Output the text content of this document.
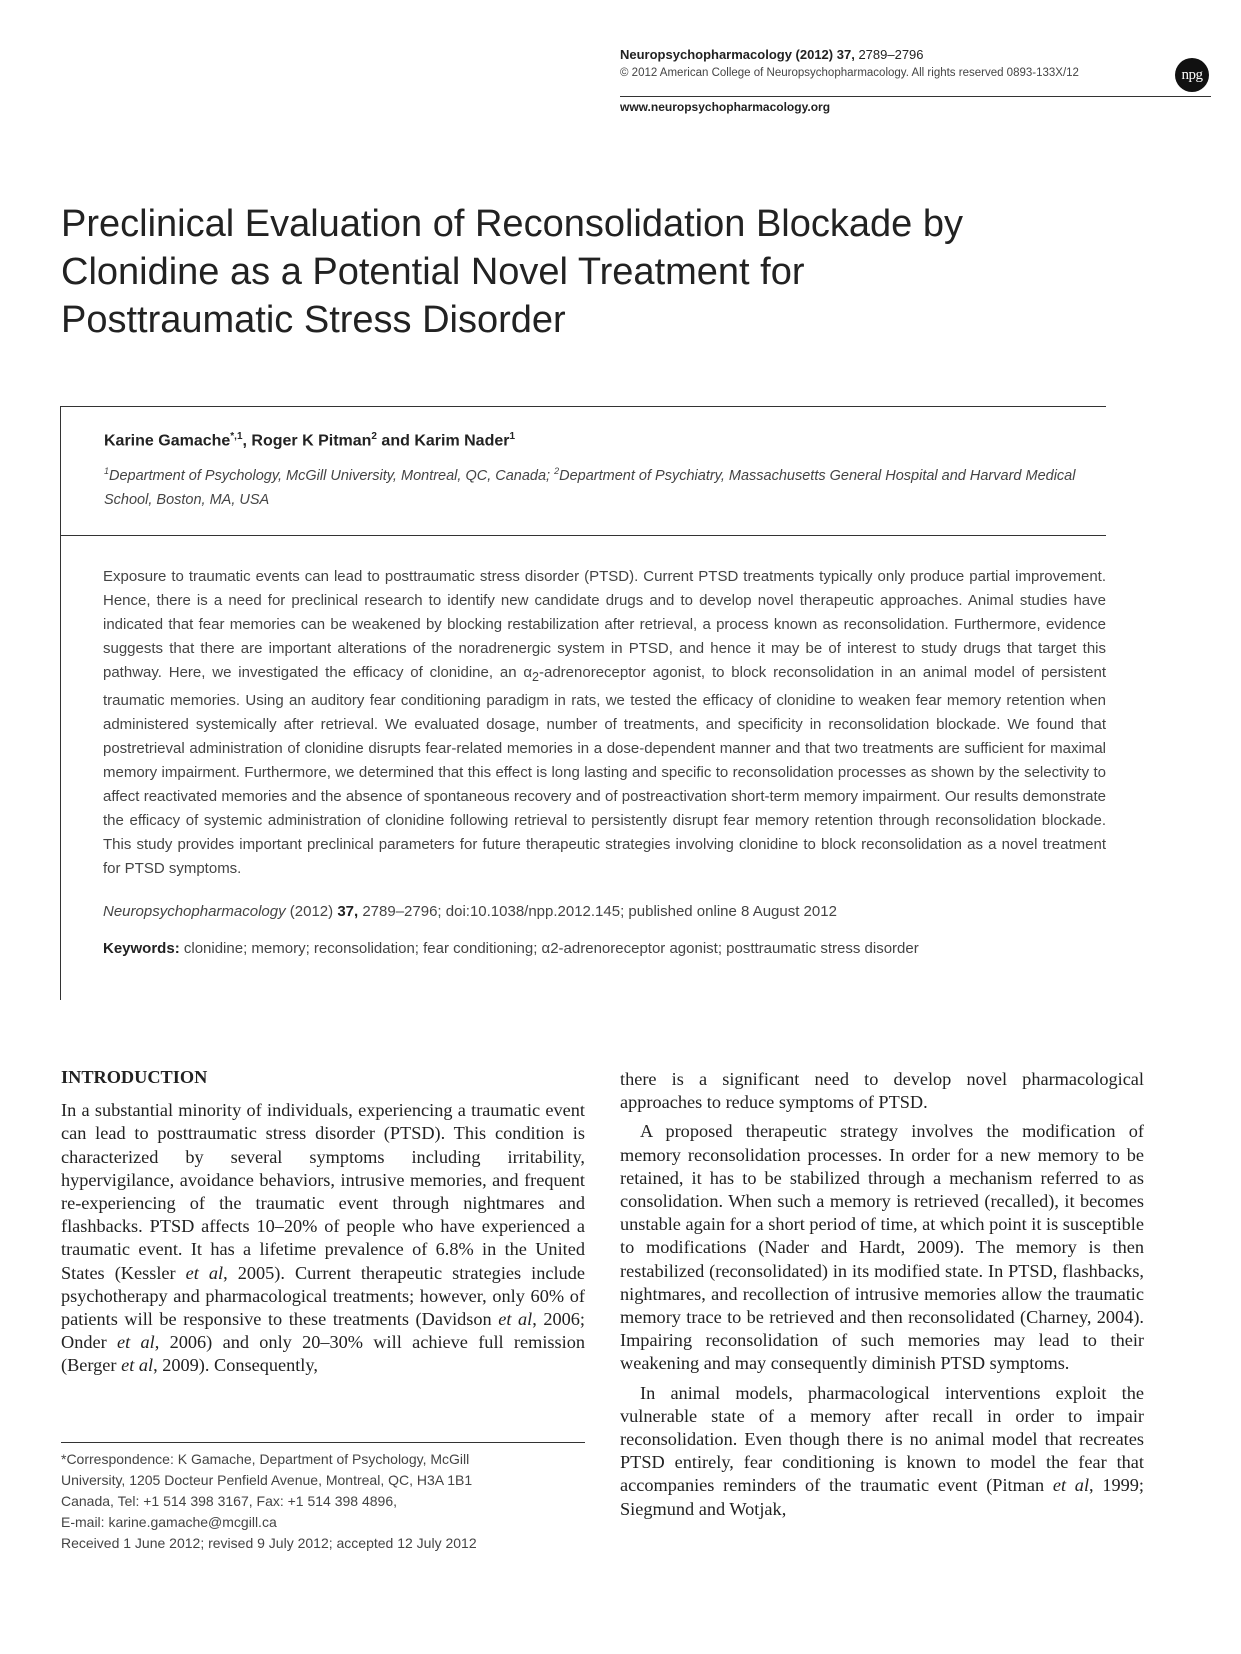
Neuropsychopharmacology (2012) 37, 2789–2796
© 2012 American College of Neuropsychopharmacology. All rights reserved 0893-133X/12	npg
www.neuropsychopharmacology.org
Preclinical Evaluation of Reconsolidation Blockade by Clonidine as a Potential Novel Treatment for Posttraumatic Stress Disorder
Karine Gamache$^{*,1}$, Roger K Pitman$^2$ and Karim Nader$^1$
$^1$Department of Psychology, McGill University, Montreal, QC, Canada; $^2$Department of Psychiatry, Massachusetts General Hospital and Harvard Medical School, Boston, MA, USA

Exposure to traumatic events can lead to posttraumatic stress disorder (PTSD). Current PTSD treatments typically only produce partial improvement. Hence, there is a need for preclinical research to identify new candidate drugs and to develop novel therapeutic approaches. Animal studies have indicated that fear memories can be weakened by blocking restabilization after retrieval, a process known as reconsolidation. Furthermore, evidence suggests that there are important alterations of the noradrenergic system in PTSD, and hence it may be of interest to study drugs that target this pathway. Here, we investigated the efficacy of clonidine, an $\alpha_2$-adrenoreceptor agonist, to block reconsolidation in an animal model of persistent traumatic memories. Using an auditory fear conditioning paradigm in rats, we tested the efficacy of clonidine to weaken fear memory retention when administered systemically after retrieval. We evaluated dosage, number of treatments, and specificity in reconsolidation blockade. We found that postretrieval administration of clonidine disrupts fear-related memories in a dose-dependent manner and that two treatments are sufficient for maximal memory impairment. Furthermore, we determined that this effect is long lasting and specific to reconsolidation processes as shown by the selectivity to affect reactivated memories and the absence of spontaneous recovery and of postreactivation short-term memory impairment. Our results demonstrate the efficacy of systemic administration of clonidine following retrieval to persistently disrupt fear memory retention through reconsolidation blockade. This study provides important preclinical parameters for future therapeutic strategies involving clonidine to block reconsolidation as a novel treatment for PTSD symptoms.

Neuropsychopharmacology (2012) 37, 2789–2796; doi:10.1038/npp.2012.145; published online 8 August 2012
Keywords: clonidine; memory; reconsolidation; fear conditioning; α2-adrenoreceptor agonist; posttraumatic stress disorder
INTRODUCTION

In a substantial minority of individuals, experiencing a traumatic event can lead to posttraumatic stress disorder (PTSD). This condition is characterized by several symptoms including irritability, hypervigilance, avoidance behaviors, intrusive memories, and frequent re-experiencing of the traumatic event through nightmares and flashbacks. PTSD affects 10–20% of people who have experienced a traumatic event. It has a lifetime prevalence of 6.8% in the United States (Kessler et al, 2005). Current therapeutic strategies include psychotherapy and pharmacological treatments; however, only 60% of patients will be responsive to these treatments (Davidson et al, 2006; Onder et al, 2006) and only 20–30% will achieve full remission (Berger et al, 2009). Consequently,

*Correspondence: K Gamache, Department of Psychology, McGill
University, 1205 Docteur Penfield Avenue, Montreal, QC, H3A 1B1
Canada, Tel: +1 514 398 3167, Fax: +1 514 398 4896,
E-mail: karine.gamache@mcgill.ca
Received 1 June 2012; revised 9 July 2012; accepted 12 July 2012

there is a significant need to develop novel pharmacological approaches to reduce symptoms of PTSD.

A proposed therapeutic strategy involves the modification of memory reconsolidation processes. In order for a new memory to be retained, it has to be stabilized through a mechanism referred to as consolidation. When such a memory is retrieved (recalled), it becomes unstable again for a short period of time, at which point it is susceptible to modifications (Nader and Hardt, 2009). The memory is then restabilized (reconsolidated) in its modified state. In PTSD, flashbacks, nightmares, and recollection of intrusive memories allow the traumatic memory trace to be retrieved and then reconsolidated (Charney, 2004). Impairing reconsolidation of such memories may lead to their weakening and may consequently diminish PTSD symptoms.

In animal models, pharmacological interventions exploit the vulnerable state of a memory after recall in order to impair reconsolidation. Even though there is no animal model that recreates PTSD entirely, fear conditioning is known to model the fear that accompanies reminders of the traumatic event (Pitman et al, 1999; Siegmund and Wotjak,
